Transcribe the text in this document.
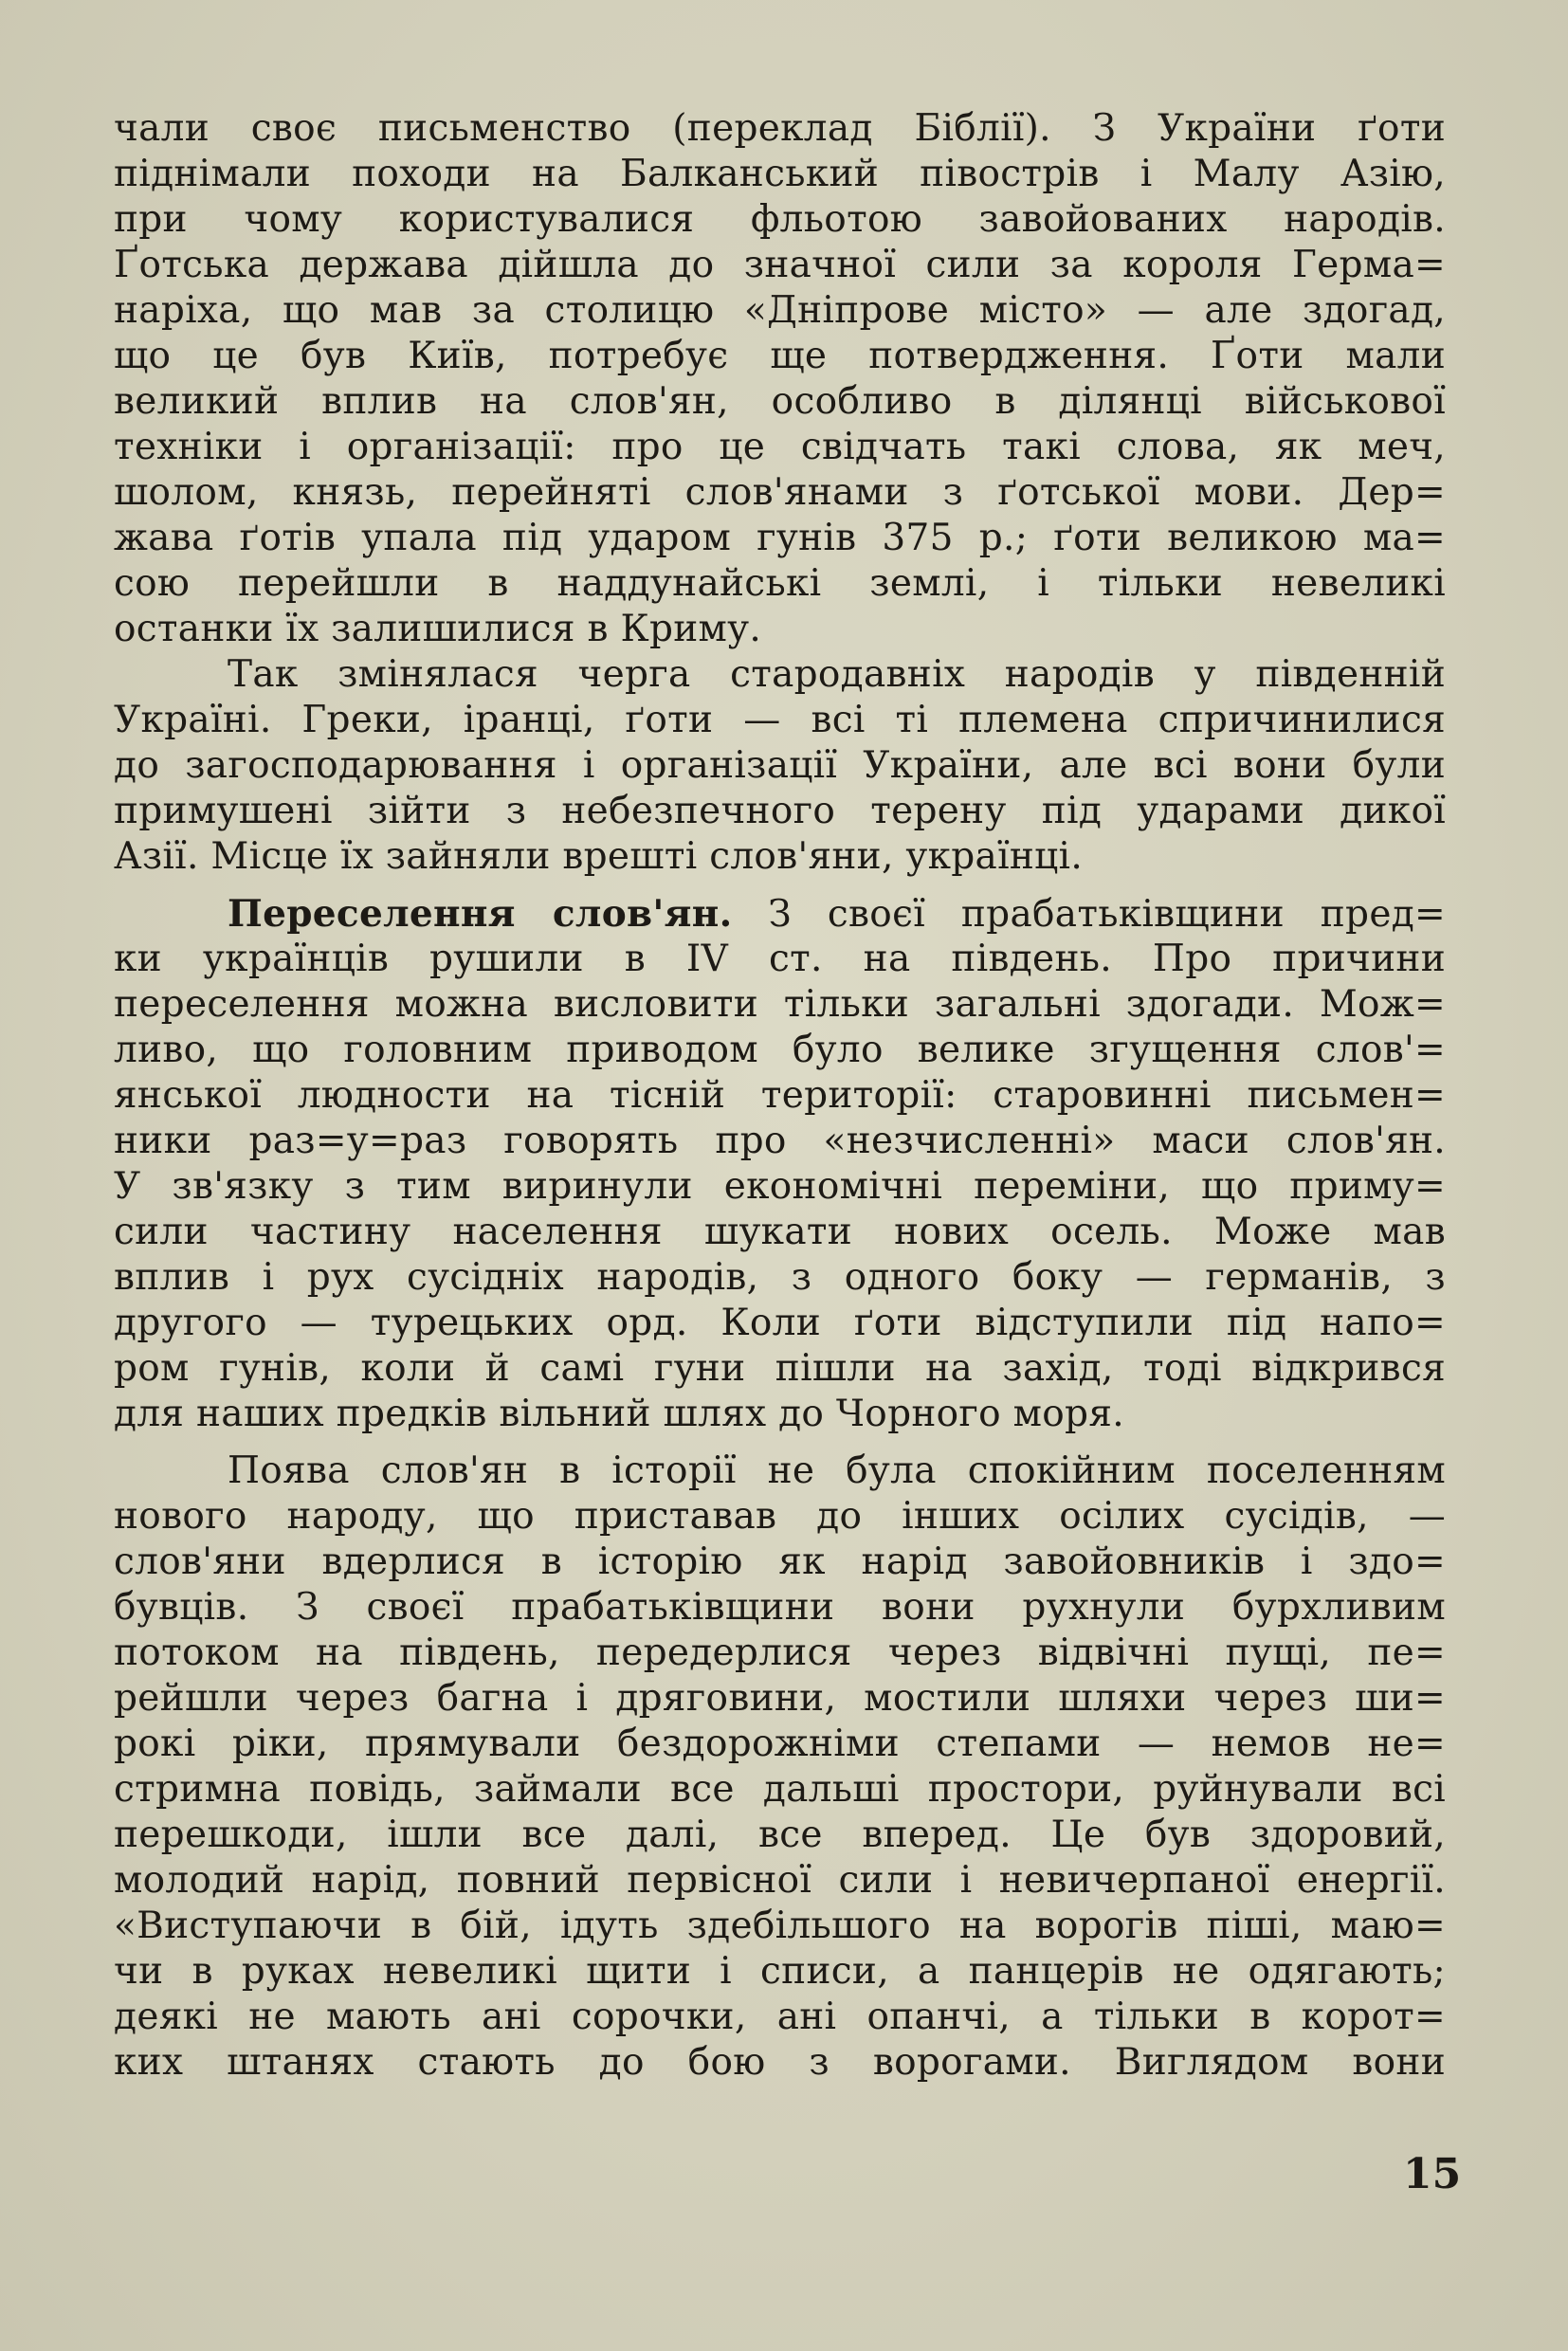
чали своє письменство (переклад Біблії). З України ґоти
піднімали походи на Балканський півострів і Малу Азію,
при чому користувалися фльотою завойованих народів.
Ґотська держава дійшла до значної сили за короля Герма=
наріха, що мав за столицю «Дніпрове місто» — але здогад,
що це був Київ, потребує ще потвердження. Ґоти мали
великий вплив на слов'ян, особливо в ділянці військової
техніки і організації: про це свідчать такі слова, як меч,
шолом, князь, перейняті слов'янами з ґотської мови. Дер=
жава ґотів упала під ударом гунів 375 р.; ґоти великою ма=
сою перейшли в наддунайські землі, і тільки невеликі
останки їх залишилися в Криму.
Так змінялася черга стародавніх народів у південній
Україні. Греки, іранці, ґоти — всі ті племена спричинилися
до загосподарювання і організації України, але всі вони були
примушені зійти з небезпечного терену під ударами дикої
Азії. Місце їх зайняли врешті слов'яни, українці.
Переселення слов'ян. З своєї прабатьківщини пред=
ки українців рушили в IV ст. на південь. Про причини
переселення можна висловити тільки загальні здогади. Мож=
ливо, що головним приводом було велике згущення слов'=
янської людности на тісній території: старовинні письмен=
ники раз=у=раз говорять про «незчисленні» маси слов'ян.
У зв'язку з тим виринули економічні переміни, що приму=
сили частину населення шукати нових осель. Може мав
вплив і рух сусідніх народів, з одного боку — германів, з
другого — турецьких орд. Коли ґоти відступили під напо=
ром гунів, коли й самі гуни пішли на захід, тоді відкрився
для наших предків вільний шлях до Чорного моря.
Поява слов'ян в історії не була спокійним поселенням
нового народу, що приставав до інших осілих сусідів, —
слов'яни вдерлися в історію як нарід завойовників і здо=
бувців. З своєї прабатьківщини вони рухнули бурхливим
потоком на південь, передерлися через відвічні пущі, пе=
рейшли через багна і дряговини, мостили шляхи через ши=
рокі ріки, прямували бездорожніми степами — немов не=
стримна повідь, займали все дальші простори, руйнували всі
перешкоди, ішли все далі, все вперед. Це був здоровий,
молодий нарід, повний первісної сили і невичерпаної енергії.
«Виступаючи в бій, ідуть здебільшого на ворогів піші, маю=
чи в руках невеликі щити і списи, а панцерів не одягають;
деякі не мають ані сорочки, ані опанчі, а тільки в корот=
ких штанях стають до бою з ворогами. Виглядом вони
15
